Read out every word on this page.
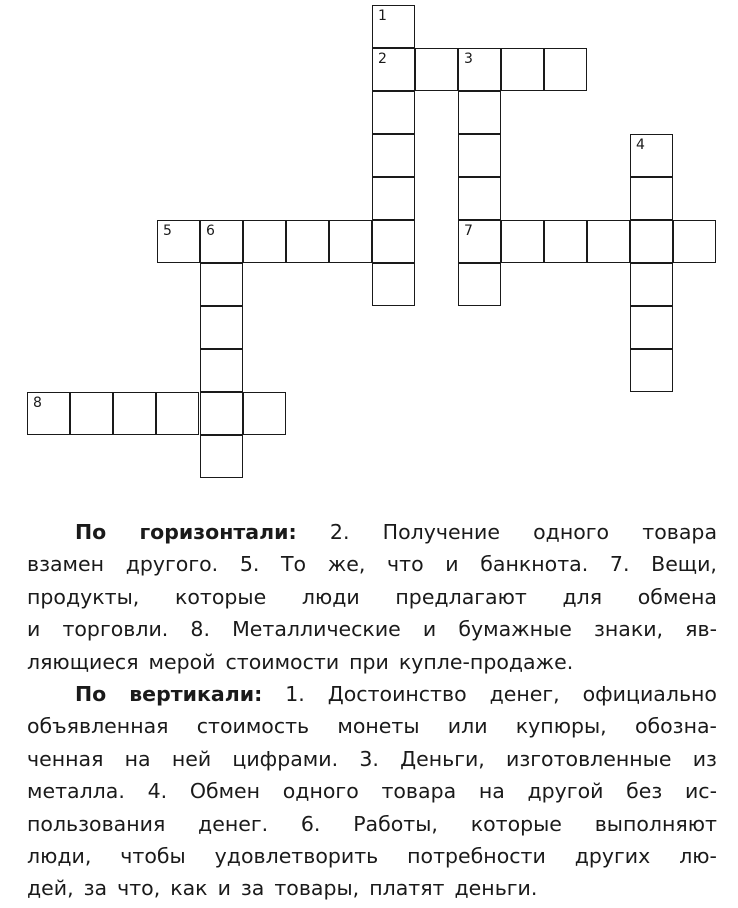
1
2	3
7
4
5 6
8
По горизонтали: 2. Получение одного товара
взамен другого. 5. То же, что и банкнота. 7. Вещи,
продукты, которые люди предлагают для обмена
и торговли. 8. Металлические и бумажные знаки, яв-
ляющиеся мерой стоимости при купле-продаже.
По вертикали: 1. Достоинство денег, официально
объявленная стоимость монеты или купюры, обозна-
ченная на ней цифрами. 3. Деньги, изготовленные из
металла. 4. Обмен одного товара на другой без ис-
пользования денег. 6. Работы, которые выполняют
люди, чтобы удовлетворить потребности других лю-
дей, за что, как и за товары, платят деньги.
